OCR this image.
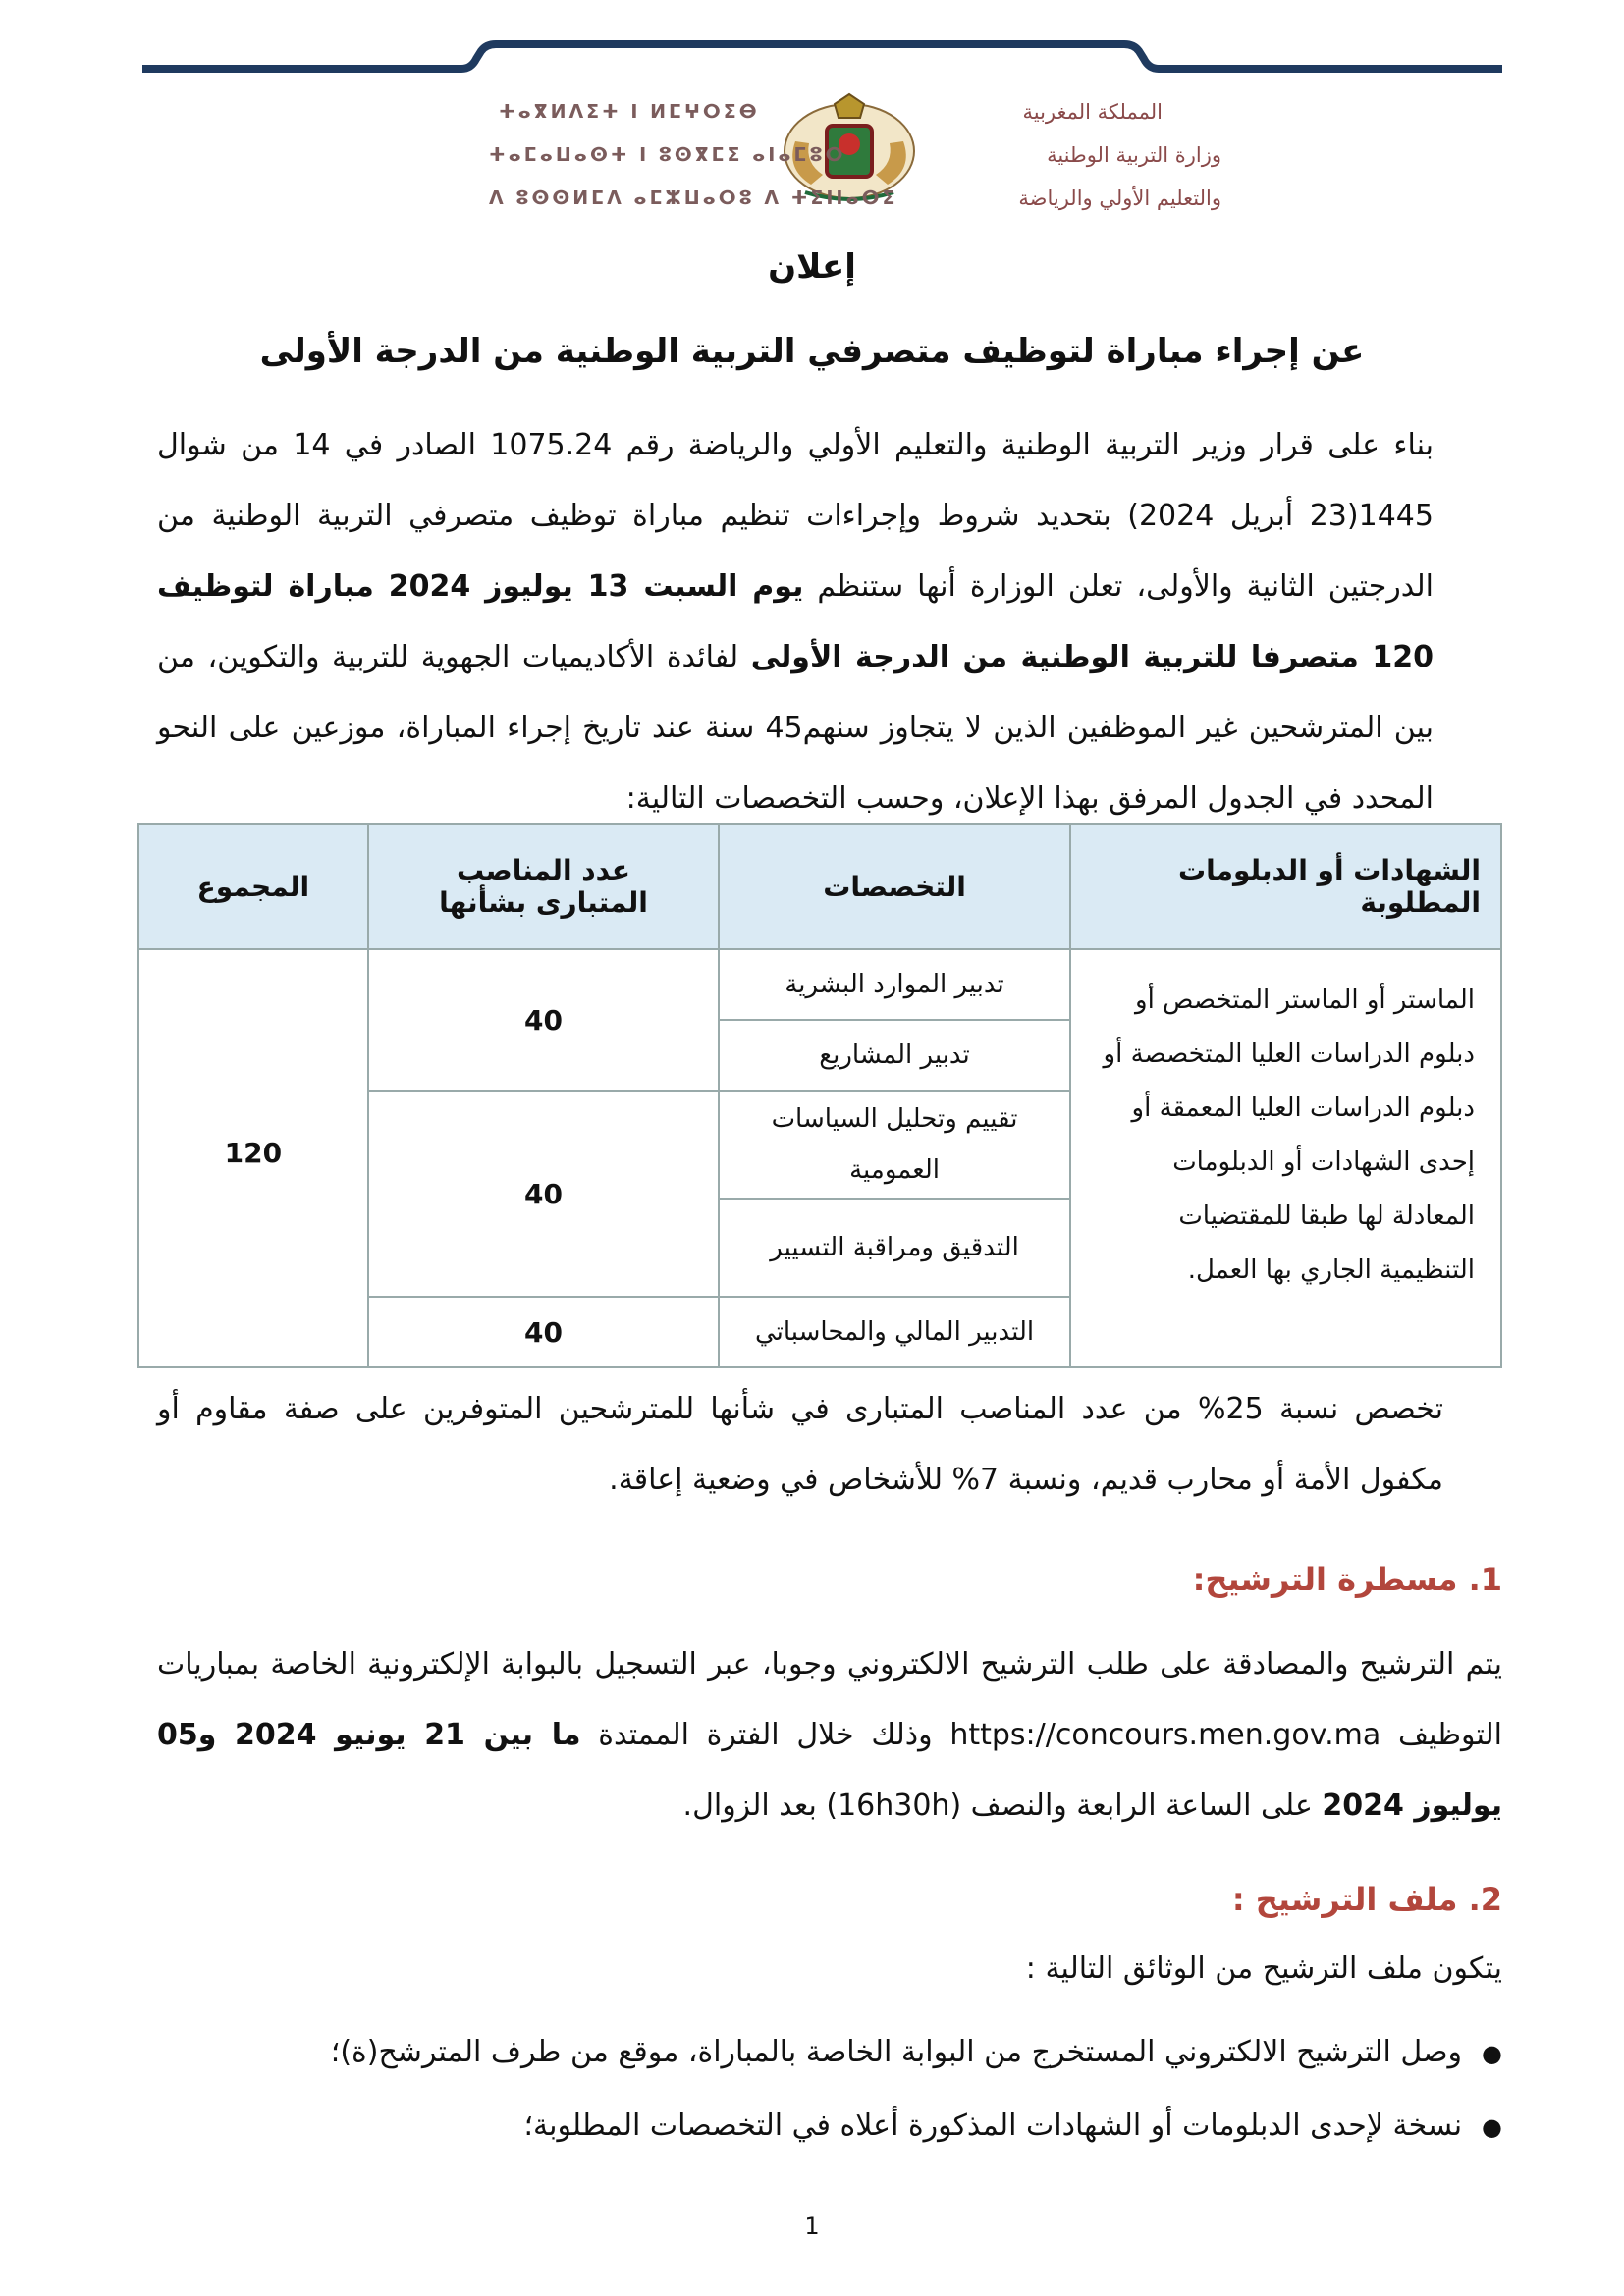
المملكة المغربية
وزارة التربية الوطنية
والتعليم الأولي والرياضة
ⵜⴰⴳⵍⴷⵉⵜ ⵏ ⵍⵎⵖⵔⵉⴱ
ⵜⴰⵎⴰⵡⴰⵙⵜ ⵏ ⵓⵙⴳⵎⵉ ⴰⵏⴰⵎⵓⵔ
ⴷ ⵓⵙⵙⵍⵎⴷ ⴰⵎⵣⵡⴰⵔⵓ ⴷ ⵜⵉⵏⵏⴰⵔⵉ
إعلان
عن إجراء مباراة لتوظيف متصرفي التربية الوطنية من الدرجة الأولى

بناء على قرار وزير التربية الوطنية والتعليم الأولي والرياضة رقم 1075.24 الصادر في 14 من شوال 1445(23 أبريل 2024) بتحديد شروط وإجراءات تنظيم مباراة توظيف متصرفي التربية الوطنية من الدرجتين الثانية والأولى، تعلن الوزارة أنها ستنظم يوم السبت 13 يوليوز 2024 مباراة لتوظيف 120 متصرفا للتربية الوطنية من الدرجة الأولى لفائدة الأكاديميات الجهوية للتربية والتكوين، من بين المترشحين غير الموظفين الذين لا يتجاوز سنهم45 سنة عند تاريخ إجراء المباراة، موزعين على النحو المحدد في الجدول المرفق بهذا الإعلان، وحسب التخصصات التالية:

الشهادات أو الدبلومات المطلوبة	التخصصات	عدد المناصب المتبارى بشأنها	المجموع
الماستر أو الماستر المتخصص أو دبلوم الدراسات العليا المتخصصة أو دبلوم الدراسات العليا المعمقة أو إحدى الشهادات أو الدبلومات المعادلة لها طبقا للمقتضيات التنظيمية الجاري بها العمل.	تدبير الموارد البشرية	40	120
	تدبير المشاريع		
	تقييم وتحليل السياسات العمومية	40	
	التدقيق ومراقبة التسيير		
	التدبير المالي والمحاسباتي	40	

تخصص نسبة 25% من عدد المناصب المتبارى في شأنها للمترشحين المتوفرين على صفة مقاوم أو مكفول الأمة أو محارب قديم، ونسبة 7% للأشخاص في وضعية إعاقة.

1. مسطرة الترشيح:

يتم الترشيح والمصادقة على طلب الترشيح الالكتروني وجوبا، عبر التسجيل بالبوابة الإلكترونية الخاصة بمباريات التوظيف https://concours.men.gov.ma وذلك خلال الفترة الممتدة ما بين 21 يونيو 2024 و05 يوليوز 2024 على الساعة الرابعة والنصف (16h30h) بعد الزوال.

2. ملف الترشيح :
يتكون ملف الترشيح من الوثائق التالية :
● وصل الترشيح الالكتروني المستخرج من البوابة الخاصة بالمباراة، موقع من طرف المترشح(ة)؛
● نسخة لإحدى الدبلومات أو الشهادات المذكورة أعلاه في التخصصات المطلوبة؛
1
